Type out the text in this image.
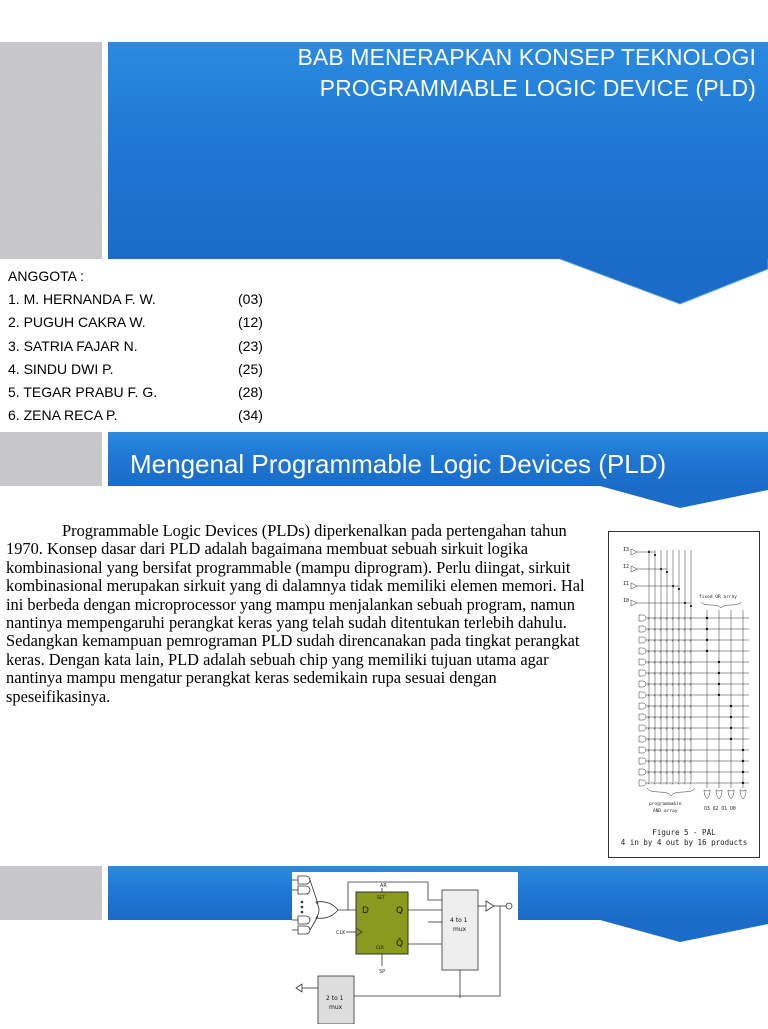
BAB MENERAPKAN KONSEP TEKNOLOGI
PROGRAMMABLE LOGIC DEVICE (PLD)
ANGGOTA :
1. M. HERNANDA F. W.	(03)
2. PUGUH CAKRA W.	(12)
3. SATRIA FAJAR N.	(23)
4. SINDU DWI P.	(25)
5. TEGAR PRABU F. G.	(28)
6. ZENA RECA P.	(34)
Mengenal Programmable Logic Devices (PLD)
Programmable Logic Devices (PLDs) diperkenalkan pada pertengahan tahun 1970. Konsep dasar dari PLD adalah bagaimana membuat sebuah sirkuit logika kombinasional yang bersifat programmable (mampu diprogram). Perlu diingat, sirkuit kombinasional merupakan sirkuit yang di dalamnya tidak memiliki elemen memori. Hal ini berbeda dengan microprocessor yang mampu menjalankan sebuah program, namun nantinya mempengaruhi perangkat keras yang telah sudah ditentukan terlebih dahulu. Sedangkan kemampuan pemrograman PLD sudah direncanakan pada tingkat perangkat keras. Dengan kata lain, PLD adalah sebuah chip yang memiliki tujuan utama agar nantinya mampu mengatur perangkat keras sedemikain rupa sesuai dengan speseifikasinya.
I3
I2
I1
I0
fixed OR array
x x x x x x x x
x x x x x x x x
x x x x x x x x
x x x x x x x x
x x x x x x x x
x x x x x x x x
x x x x x x x x
x x x x x x x x
x x x x x x x x
x x x x x x x x
x x x x x x x x
x x x x x x x x
x x x x x x x x
x x x x x x x x
x x x x x x x x
x x x x x x x x
O3 O2 O1 O0
programmable
AND array
Figure 5 - PAL
4 in by 4 out by 16 products
D	Q
SET
CLR Q̄
CLK
AR
SP
4 to 1
mux
2 to 1
mux
